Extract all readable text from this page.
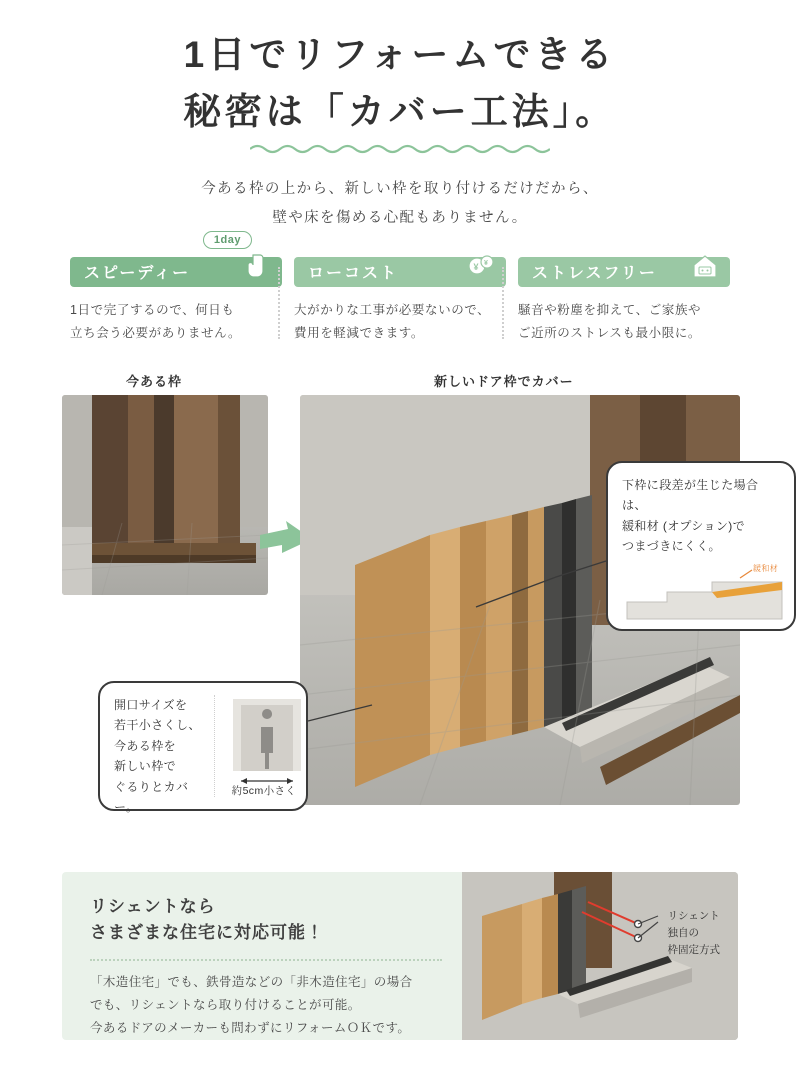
1日でリフォームできる
秘密は「カバー工法」。
今ある枠の上から、新しい枠を取り付けるだけだから、
壁や床を傷める心配もありません。
1day
スピーディー
1日で完了するので、何日も
立ち会う必要がありません。
ローコスト	¥ ¥
大がかりな工事が必要ないので、
費用を軽減できます。
ストレスフリー
騒音や粉塵を抑えて、ご家族や
ご近所のストレスも最小限に。
今ある枠	新しいドア枠でカバー
下枠に段差が生じた場合は、
緩和材 (オプション)で
つまづきにくく。
緩和材
開口サイズを
若干小さくし、
今ある枠を
新しい枠で
ぐるりとカバー。
約5cm小さく
リシェントなら
さまざまな住宅に対応可能！
「木造住宅」でも、鉄骨造などの「非木造住宅」の場合
でも、リシェントなら取り付けることが可能。
今あるドアのメーカーも問わずにリフォームＯＫです。
リシェント
独自の
枠固定方式
